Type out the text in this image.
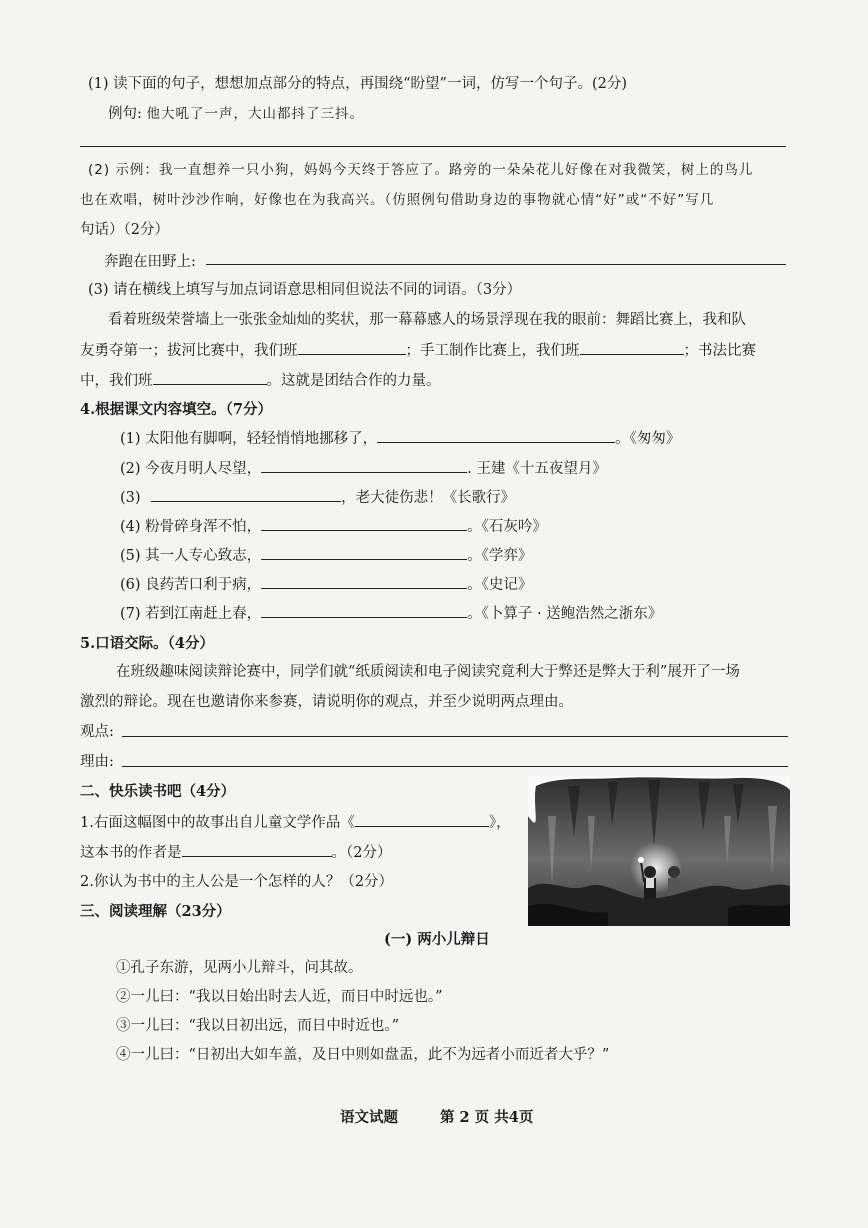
(1) 读下面的句子，想想加点部分的特点，再围绕“盼望”一词，仿写一个句子。(2分)
例句: 他大吼了一声，大山都抖了三抖。
(2) 示例：我一直想养一只小狗，妈妈今天终于答应了。路旁的一朵朵花儿好像在对我微笑，树上的鸟儿
也在欢唱，树叶沙沙作响，好像也在为我高兴。（仿照例句借助身边的事物就心情“好”或“不好”写几
句话）（2分）
奔跑在田野上:
(3) 请在横线上填写与加点词语意思相同但说法不同的词语。（3分）
看着班级荣誉墙上一张张金灿灿的奖状，那一幕幕感人的场景浮现在我的眼前：舞蹈比赛上，我和队
友勇夺第一；拔河比赛中，我们班	；手工制作比赛上，我们班	；书法比赛
中，我们班	。这就是团结合作的力量。
4.根据课文内容填空。（7分）
(1) 太阳他有脚啊，轻轻悄悄地挪移了，	。《匆匆》
(2) 今夜月明人尽望，	. 王建《十五夜望月》
(3)	，老大徒伤悲！《长歌行》
(4) 粉骨碎身浑不怕，	。《石灰吟》
(5) 其一人专心致志，	。《学弈》
(6) 良药苦口利于病，	。《史记》
(7) 若到江南赶上春，	。《卜算子 · 送鲍浩然之浙东》
5.口语交际。（4分）
在班级趣味阅读辩论赛中，同学们就“纸质阅读和电子阅读究竟利大于弊还是弊大于利”展开了一场
激烈的辩论。现在也邀请你来参赛，请说明你的观点，并至少说明两点理由。
观点:
理由:
二、快乐读书吧（4分）
1.右面这幅图中的故事出自儿童文学作品《	》，
这本书的作者是	。（2分）
2.你认为书中的主人公是一个怎样的人？（2分）
三、阅读理解（23分）
(一) 两小儿辩日
①孔子东游，见两小儿辩斗，问其故。
②一儿曰：“我以日始出时去人近，而日中时远也。”
③一儿曰：“我以日初出远，而日中时近也。”
④一儿曰：“日初出大如车盖，及日中则如盘盂，此不为远者小而近者大乎？”
语文试题	第 2 页 共4页
